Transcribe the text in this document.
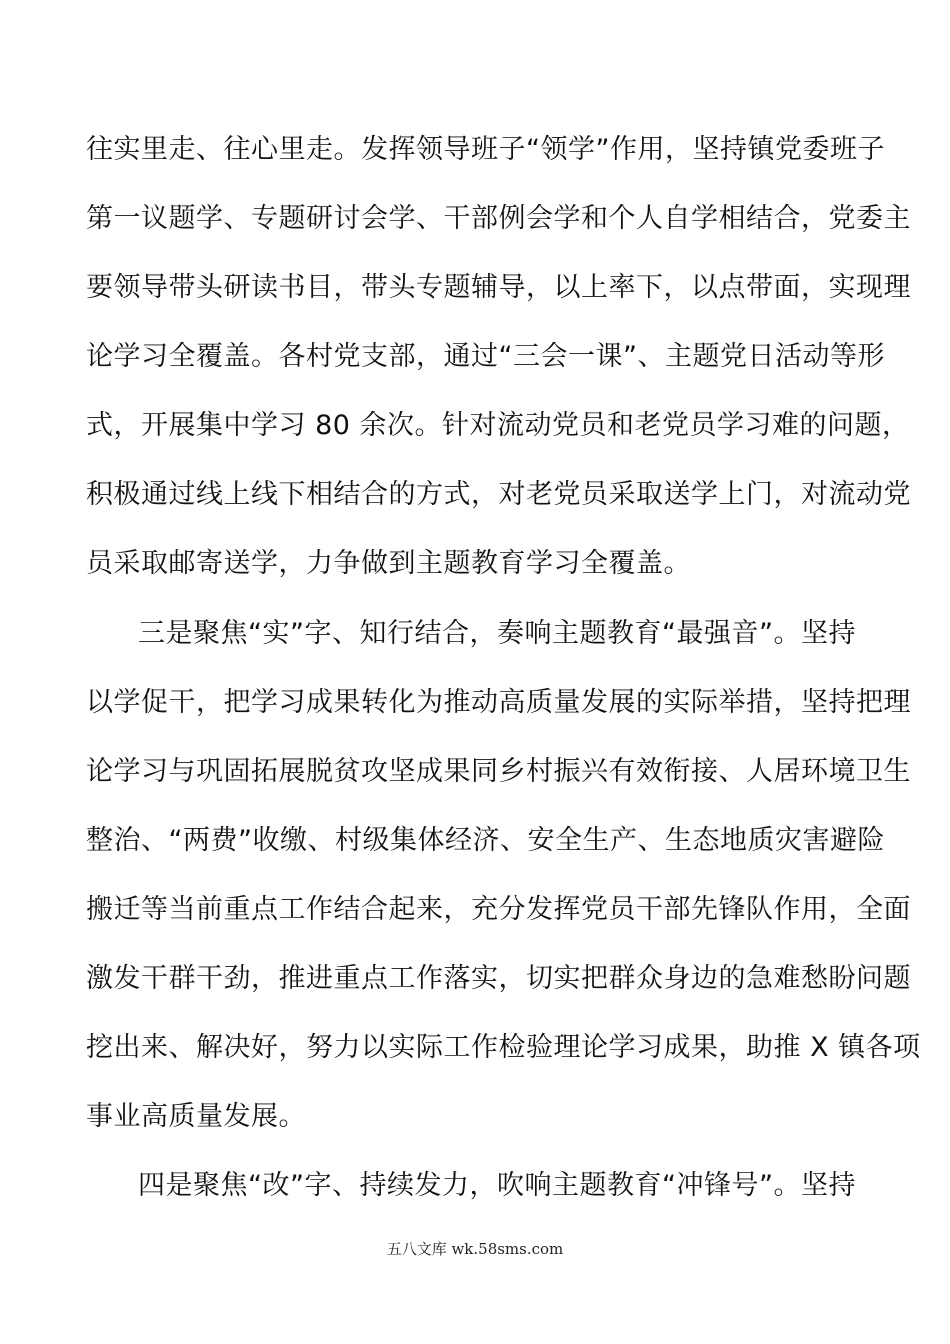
往实里走、往心里走。发挥领导班子“领学”作用，坚持镇党委班子
第一议题学、专题研讨会学、干部例会学和个人自学相结合，党委主
要领导带头研读书目，带头专题辅导，以上率下，以点带面，实现理
论学习全覆盖。各村党支部，通过“三会一课”、主题党日活动等形
式，开展集中学习 80 余次。针对流动党员和老党员学习难的问题，
积极通过线上线下相结合的方式，对老党员采取送学上门，对流动党
员采取邮寄送学，力争做到主题教育学习全覆盖。
三是聚焦“实”字、知行结合，奏响主题教育“最强音”。坚持
以学促干，把学习成果转化为推动高质量发展的实际举措，坚持把理
论学习与巩固拓展脱贫攻坚成果同乡村振兴有效衔接、人居环境卫生
整治、“两费”收缴、村级集体经济、安全生产、生态地质灾害避险
搬迁等当前重点工作结合起来，充分发挥党员干部先锋队作用，全面
激发干群干劲，推进重点工作落实，切实把群众身边的急难愁盼问题
挖出来、解决好，努力以实际工作检验理论学习成果，助推 X 镇各项
事业高质量发展。
四是聚焦“改”字、持续发力，吹响主题教育“冲锋号”。坚持
五八文库 wk.58sms.com
